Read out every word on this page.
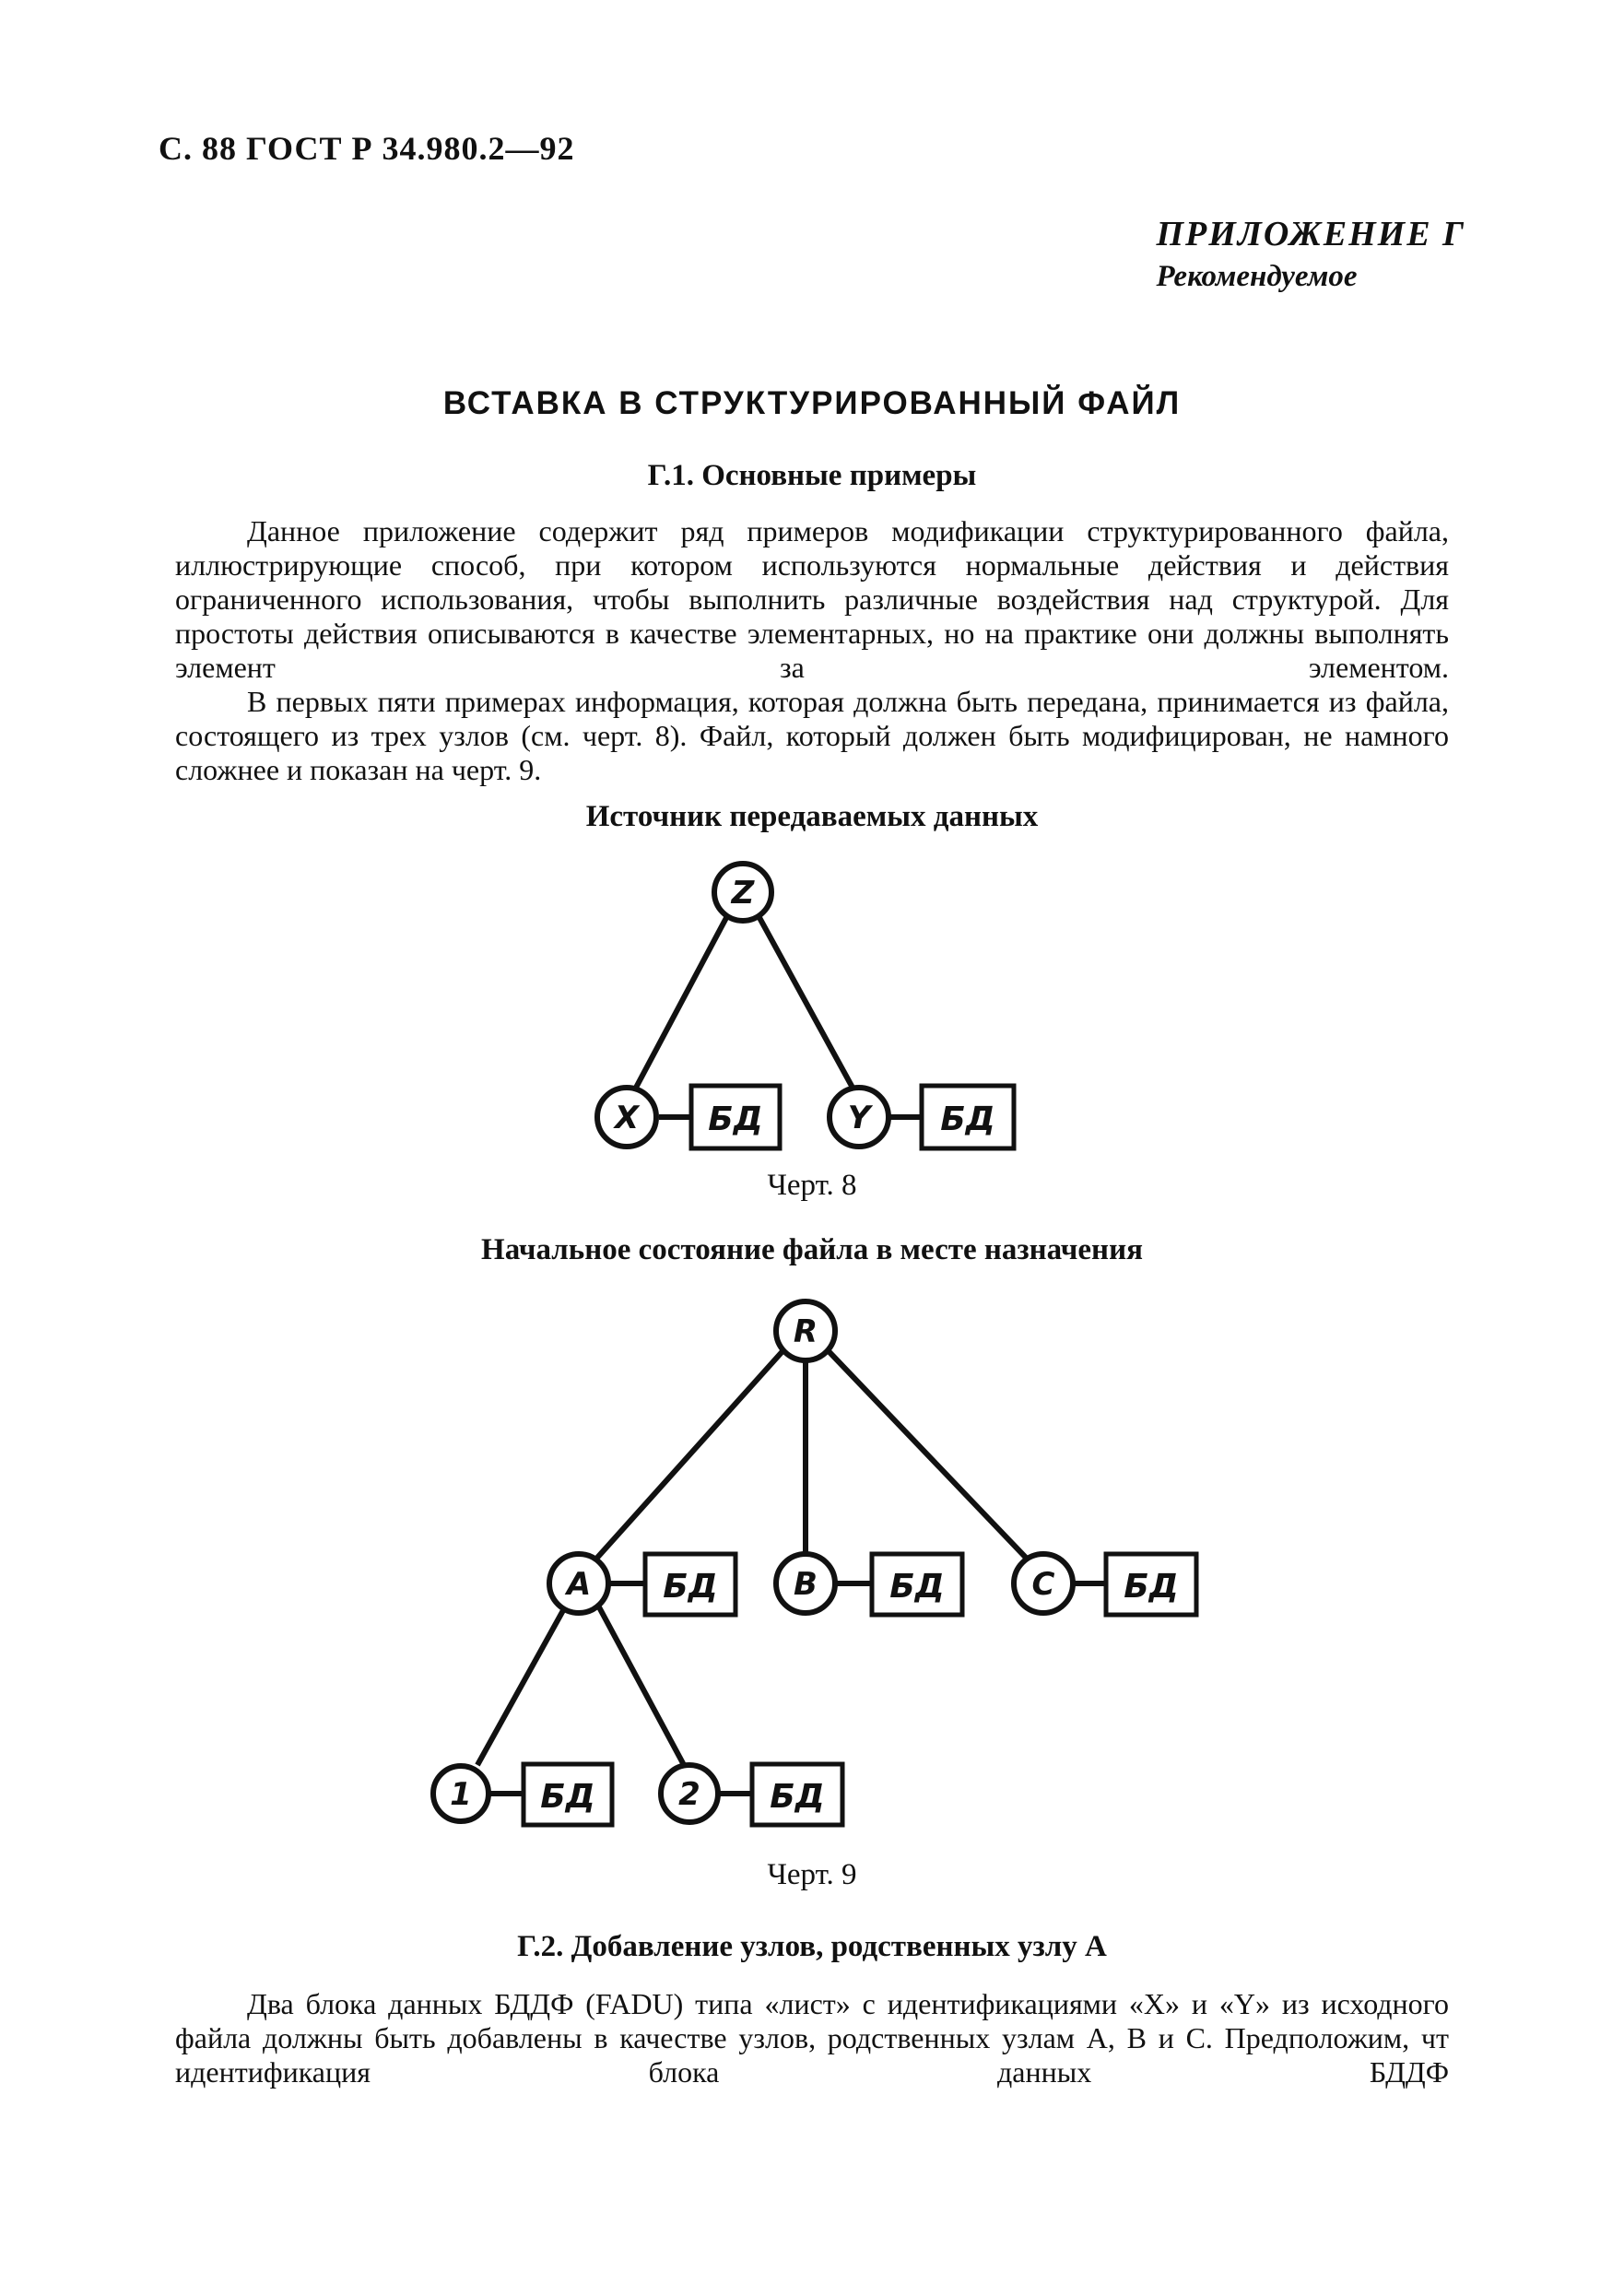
С. 88 ГОСТ Р 34.980.2—92
ПРИЛОЖЕНИЕ Г
Рекомендуемое
ВСТАВКА В СТРУКТУРИРОВАННЫЙ ФАЙЛ
Г.1. Основные примеры

Данное приложение содержит ряд примеров модификации структурированного файла, иллюстрирующие способ, при котором используются нормальные действия и действия ограниченного использования, чтобы выполнить различные воздействия над структурой. Для простоты действия описываются в качестве элементарных, но на практике они должны выполнять элемент за элементом.

В первых пяти примерах информация, которая должна быть передана, принимается из файла, состоящего из трех узлов (см. черт. 8). Файл, который должен быть модифицирован, не намного сложнее и показан на черт. 9.

Источник передаваемых данных
Z
X БД	Y БД
Черт. 8
Начальное состояние файла в месте назначения
R
A БД B БД	C БД
1 БД	2 БД
Черт. 9
Г.2. Добавление узлов, родственных узлу А

Два блока данных БДДФ (FADU) типа «лист» с идентификациями «X» и «Y» из исходного файла должны быть добавлены в качестве узлов, родственных узлам А, В и С. Предположим, чт идентификация блока данных БДДФ
